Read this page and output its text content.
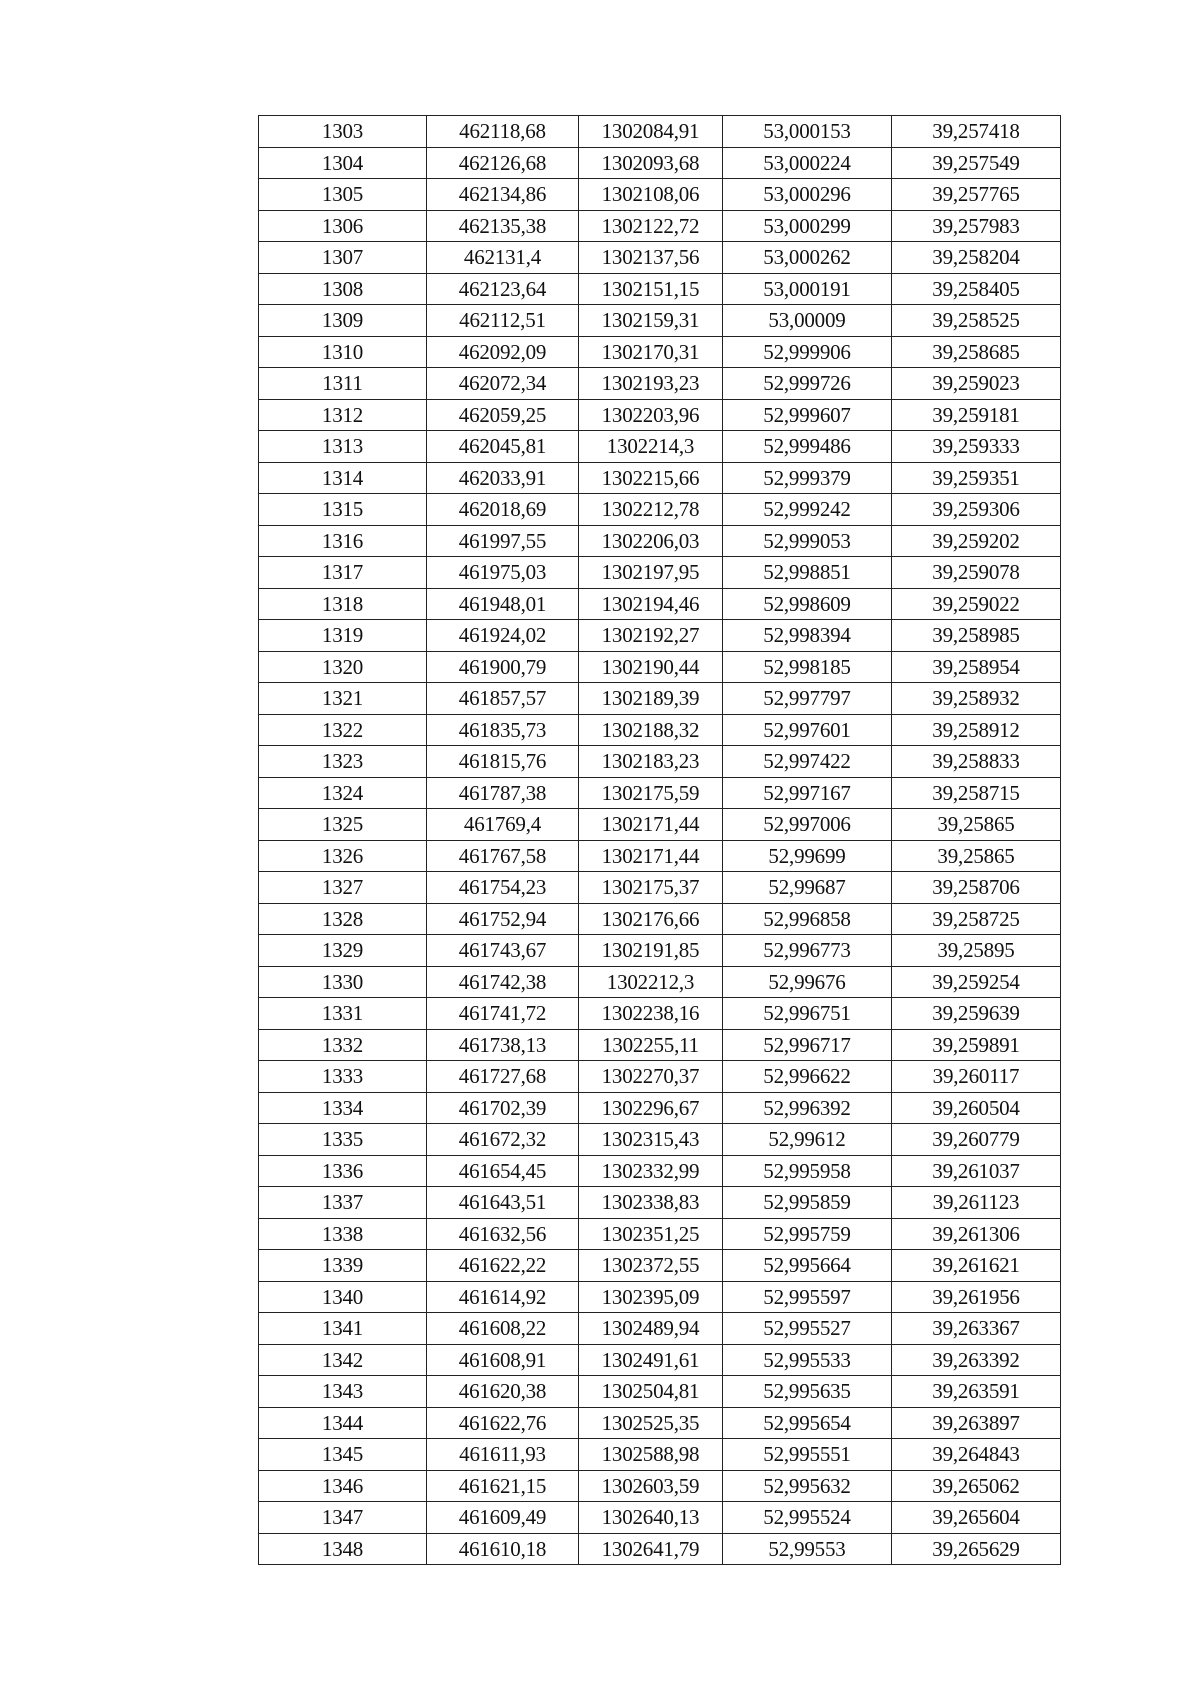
1303	462118,68	1302084,91	53,000153	39,257418
1304	462126,68	1302093,68	53,000224	39,257549
1305	462134,86	1302108,06	53,000296	39,257765
1306	462135,38	1302122,72	53,000299	39,257983
1307	462131,4	1302137,56	53,000262	39,258204
1308	462123,64	1302151,15	53,000191	39,258405
1309	462112,51	1302159,31	53,00009	39,258525
1310	462092,09	1302170,31	52,999906	39,258685
1311	462072,34	1302193,23	52,999726	39,259023
1312	462059,25	1302203,96	52,999607	39,259181
1313	462045,81	1302214,3	52,999486	39,259333
1314	462033,91	1302215,66	52,999379	39,259351
1315	462018,69	1302212,78	52,999242	39,259306
1316	461997,55	1302206,03	52,999053	39,259202
1317	461975,03	1302197,95	52,998851	39,259078
1318	461948,01	1302194,46	52,998609	39,259022
1319	461924,02	1302192,27	52,998394	39,258985
1320	461900,79	1302190,44	52,998185	39,258954
1321	461857,57	1302189,39	52,997797	39,258932
1322	461835,73	1302188,32	52,997601	39,258912
1323	461815,76	1302183,23	52,997422	39,258833
1324	461787,38	1302175,59	52,997167	39,258715
1325	461769,4	1302171,44	52,997006	39,25865
1326	461767,58	1302171,44	52,99699	39,25865
1327	461754,23	1302175,37	52,99687	39,258706
1328	461752,94	1302176,66	52,996858	39,258725
1329	461743,67	1302191,85	52,996773	39,25895
1330	461742,38	1302212,3	52,99676	39,259254
1331	461741,72	1302238,16	52,996751	39,259639
1332	461738,13	1302255,11	52,996717	39,259891
1333	461727,68	1302270,37	52,996622	39,260117
1334	461702,39	1302296,67	52,996392	39,260504
1335	461672,32	1302315,43	52,99612	39,260779
1336	461654,45	1302332,99	52,995958	39,261037
1337	461643,51	1302338,83	52,995859	39,261123
1338	461632,56	1302351,25	52,995759	39,261306
1339	461622,22	1302372,55	52,995664	39,261621
1340	461614,92	1302395,09	52,995597	39,261956
1341	461608,22	1302489,94	52,995527	39,263367
1342	461608,91	1302491,61	52,995533	39,263392
1343	461620,38	1302504,81	52,995635	39,263591
1344	461622,76	1302525,35	52,995654	39,263897
1345	461611,93	1302588,98	52,995551	39,264843
1346	461621,15	1302603,59	52,995632	39,265062
1347	461609,49	1302640,13	52,995524	39,265604
1348	461610,18	1302641,79	52,99553	39,265629
